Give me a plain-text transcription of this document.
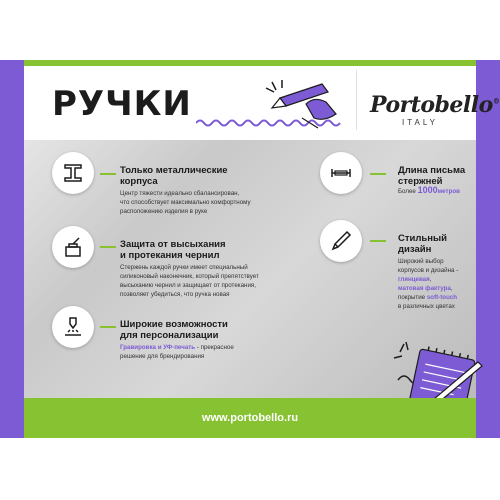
РУЧКИ	Portobello®
ITALY
Только металлические
корпуса
Центр тяжести идеально сбалансирован,
что способствует максимально комфортному
расположению изделия в руке
Защита от высыхания
и протекания чернил
Стержень каждой ручки имеет специальный
силиконовый наконечник, который препятствует
высыханию чернил и защищает от протекания,
позволяет убедиться, что ручка новая
Широкие возможности
для персонализации
Гравировка и УФ-печать - прекрасное
решение для брендирования
Длина письма
стержней
Более 1000метров
Стильный
дизайн
Широкий выбор
корпусов и дизайна -
глянцевая,
матовая фактура,
покрытие soft-touch
в различных цветах
www.portobello.ru
